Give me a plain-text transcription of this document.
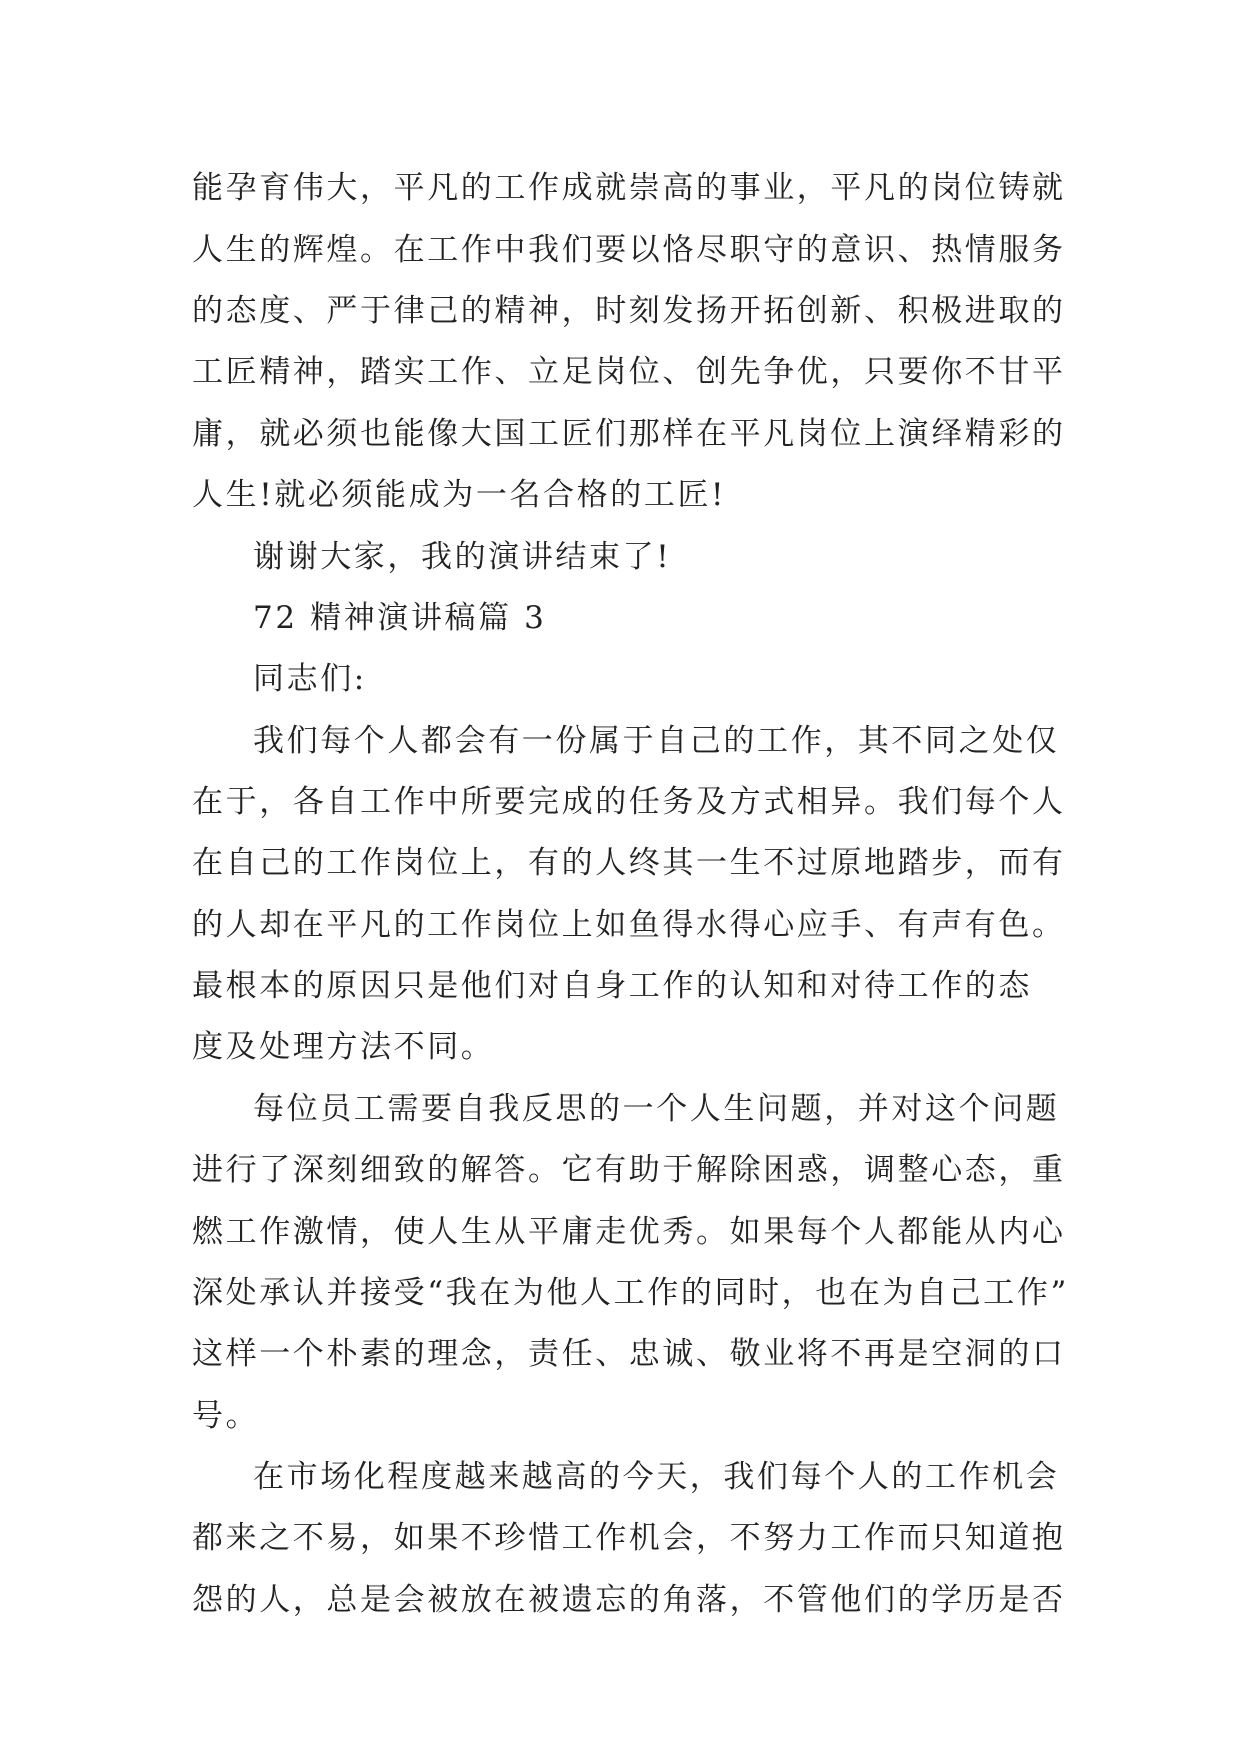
能孕育伟大，平凡的工作成就崇高的事业，平凡的岗位铸就
人生的辉煌。在工作中我们要以恪尽职守的意识、热情服务
的态度、严于律己的精神，时刻发扬开拓创新、积极进取的
工匠精神，踏实工作、立足岗位、创先争优，只要你不甘平
庸，就必须也能像大国工匠们那样在平凡岗位上演绎精彩的
人生!就必须能成为一名合格的工匠!
谢谢大家，我的演讲结束了!
72 精神演讲稿篇 3
同志们:
我们每个人都会有一份属于自己的工作，其不同之处仅
在于，各自工作中所要完成的任务及方式相异。我们每个人
在自己的工作岗位上，有的人终其一生不过原地踏步，而有
的人却在平凡的工作岗位上如鱼得水得心应手、有声有色。
最根本的原因只是他们对自身工作的认知和对待工作的态
度及处理方法不同。
每位员工需要自我反思的一个人生问题，并对这个问题
进行了深刻细致的解答。它有助于解除困惑，调整心态，重
燃工作激情，使人生从平庸走优秀。如果每个人都能从内心
深处承认并接受“我在为他人工作的同时，也在为自己工作”
这样一个朴素的理念，责任、忠诚、敬业将不再是空洞的口
号。
在市场化程度越来越高的今天，我们每个人的工作机会
都来之不易，如果不珍惜工作机会，不努力工作而只知道抱
怨的人，总是会被放在被遗忘的角落，不管他们的学历是否
